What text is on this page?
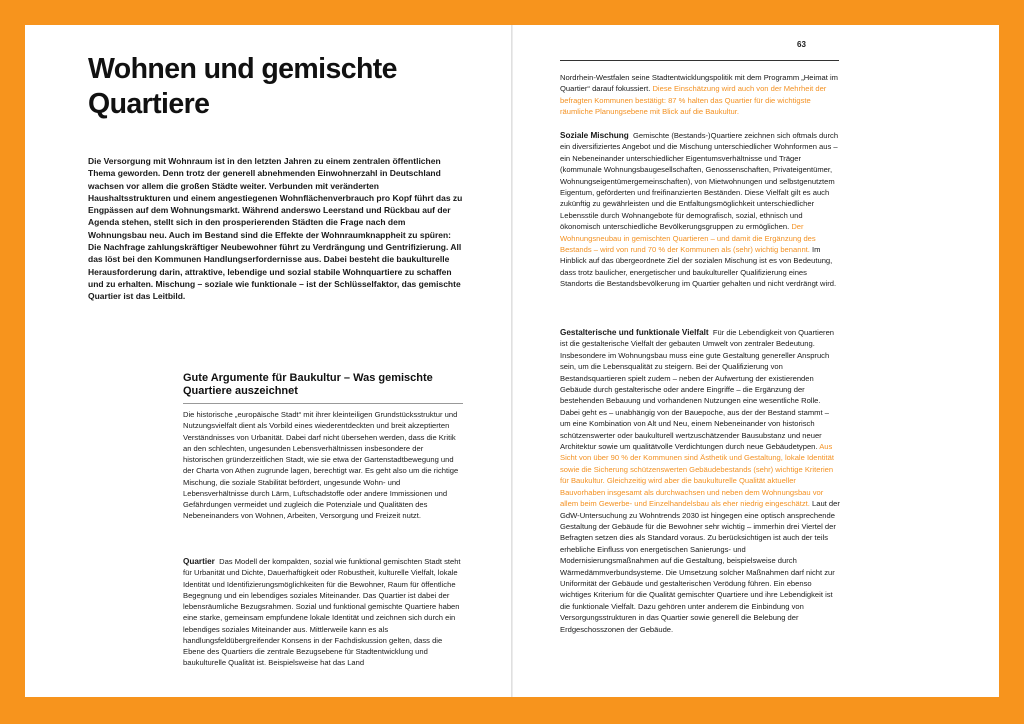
Wohnen und gemischte Quartiere

Die Versorgung mit Wohnraum ist in den letzten Jahren zu einem zentralen öffentlichen Thema geworden. Denn trotz der generell abnehmenden Einwohnerzahl in Deutschland wachsen vor allem die großen Städte weiter. Verbunden mit veränderten Haushaltsstrukturen und einem angestiegenen Wohnflächenverbrauch pro Kopf führt das zu Engpässen auf dem Wohnungsmarkt. Während anderswo Leerstand und Rückbau auf der Agenda stehen, stellt sich in den prosperierenden Städten die Frage nach dem Wohnungsbau neu. Auch im Bestand sind die Effekte der Wohnraumknappheit zu spüren: Die Nachfrage zahlungskräftiger Neubewohner führt zu Verdrängung und Gentrifizierung. All das löst bei den Kommunen Handlungserfordernisse aus. Dabei besteht die baukulturelle Herausforderung darin, attraktive, lebendige und sozial stabile Wohnquartiere zu schaffen und zu erhalten. Mischung – soziale wie funktionale – ist der Schlüsselfaktor, das gemischte Quartier ist das Leitbild.

Gute Argumente für Baukultur – Was gemischte Quartiere auszeichnet

Die historische „europäische Stadt“ mit ihrer kleinteiligen Grundstücksstruktur und Nutzungsvielfalt dient als Vorbild eines wiederentdeckten und breit akzeptierten Verständnisses von Urbanität. Dabei darf nicht übersehen werden, dass die Kritik an den schlechten, ungesunden Lebensverhältnissen insbesondere der historischen gründerzeitlichen Stadt, wie sie etwa der Gartenstadtbewegung und der Charta von Athen zugrunde lagen, berechtigt war. Es geht also um die richtige Mischung, die soziale Stabilität befördert, ungesunde Wohn- und Lebensverhältnisse durch Lärm, Luftschadstoffe oder andere Immissionen und Gefährdungen vermeidet und zugleich die Potenziale und Qualitäten des Nebeneinanders von Wohnen, Arbeiten, Versorgung und Freizeit nutzt.

Quartier Das Modell der kompakten, sozial wie funktional gemischten Stadt steht für Urbanität und Dichte, Dauerhaftigkeit oder Robustheit, kulturelle Vielfalt, lokale Identität und Identifizierungsmöglichkeiten für die Bewohner, Raum für öffentliche Begegnung und ein lebendiges soziales Miteinander. Das Quartier ist dabei der lebensräumliche Bezugsrahmen. Sozial und funktional gemischte Quartiere haben eine starke, gemeinsam empfundene lokale Identität und zeichnen sich durch ein lebendiges soziales Miteinander aus. Mittlerweile kann es als handlungsfeldübergreifender Konsens in der Fachdiskussion gelten, dass die Ebene des Quartiers die zentrale Bezugsebene für Stadtentwicklung und baukulturelle Qualität ist. Beispielsweise hat das Land

63

Nordrhein-Westfalen seine Stadtentwicklungspolitik mit dem Programm „Heimat im Quartier“ darauf fokussiert. Diese Einschätzung wird auch von der Mehrheit der befragten Kommunen bestätigt: 87 % halten das Quartier für die wichtigste räumliche Planungsebene mit Blick auf die Baukultur.

Soziale Mischung Gemischte (Bestands-)Quartiere zeichnen sich oftmals durch ein diversifiziertes Angebot und die Mischung unterschiedlicher Wohnformen aus – ein Nebeneinander unterschiedlicher Eigentumsverhältnisse und Träger (kommunale Wohnungsbaugesellschaften, Genossenschaften, Privateigentümer, Wohnungseigentümergemeinschaften), von Mietwohnungen und selbstgenutztem Eigentum, geförderten und freifinanzierten Beständen. Diese Vielfalt gilt es auch zukünftig zu gewährleisten und die Entfaltungsmöglichkeit unterschiedlicher Lebensstile durch Wohnangebote für demografisch, sozial, ethnisch und ökonomisch unterschiedliche Bevölkerungsgruppen zu ermöglichen. Der Wohnungsneubau in gemischten Quartieren – und damit die Ergänzung des Bestands – wird von rund 70 % der Kommunen als (sehr) wichtig benannt. Im Hinblick auf das übergeordnete Ziel der sozialen Mischung ist es von Bedeutung, dass trotz baulicher, energetischer und baukultureller Qualifizierung eines Standorts die Bestandsbevölkerung im Quartier gehalten und nicht verdrängt wird.

Gestalterische und funktionale Vielfalt Für die Lebendigkeit von Quartieren ist die gestalterische Vielfalt der gebauten Umwelt von zentraler Bedeutung. Insbesondere im Wohnungsbau muss eine gute Gestaltung genereller Anspruch sein, um die Lebensqualität zu steigern. Bei der Qualifizierung von Bestandsquartieren spielt zudem – neben der Aufwertung der existierenden Gebäude durch gestalterische oder andere Eingriffe – die Ergänzung der bestehenden Bebauung und vorhandenen Nutzungen eine wesentliche Rolle. Dabei geht es – unabhängig von der Bauepoche, aus der der Bestand stammt – um eine Kombination von Alt und Neu, einem Nebeneinander von historisch schützenswerter oder baukulturell wertzuschätzender Bausubstanz und neuer Architektur sowie um qualitätvolle Verdichtungen durch neue Gebäudetypen. Aus Sicht von über 90 % der Kommunen sind Ästhetik und Gestaltung, lokale Identität sowie die Sicherung schützenswerten Gebäudebestands (sehr) wichtige Kriterien für Baukultur. Gleichzeitig wird aber die baukulturelle Qualität aktueller Bauvorhaben insgesamt als durchwachsen und neben dem Wohnungsbau vor allem beim Gewerbe- und Einzelhandelsbau als eher niedrig eingeschätzt. Laut der GdW-Untersuchung zu Wohntrends 2030 ist hingegen eine optisch ansprechende Gestaltung der Gebäude für die Bewohner sehr wichtig – immerhin drei Viertel der Befragten setzen dies als Standard voraus. Zu berücksichtigen ist auch der teils erhebliche Einfluss von energetischen Sanierungs- und Modernisierungsmaßnahmen auf die Gestaltung, beispielsweise durch Wärmedämmverbundsysteme. Die Umsetzung solcher Maßnahmen darf nicht zur Uniformität der Gebäude und gestalterischen Verödung führen. Ein ebenso wichtiges Kriterium für die Qualität gemischter Quartiere und ihre Lebendigkeit ist die funktionale Vielfalt. Dazu gehören unter anderem die Einbindung von Versorgungsstrukturen in das Quartier sowie generell die Belebung der Erdgeschosszonen der Gebäude.
